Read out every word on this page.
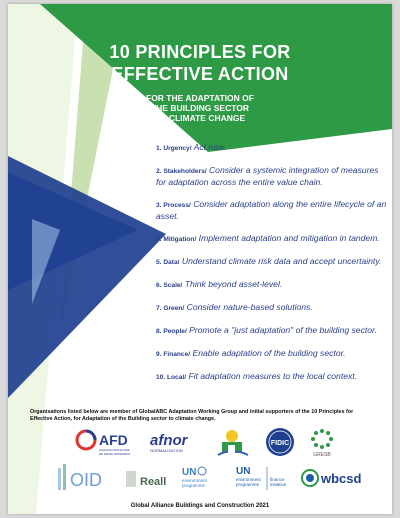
10 PRINCIPLES FOR
EFFECTIVE ACTION
FOR THE ADAPTATION OF
THE BUILDING SECTOR
TO CLIMATE CHANGE
1. Urgency/ Act now.
2. Stakeholders/ Consider a systemic integration of measures for adaptation across the entire value chain.
3. Process/ Consider adaptation along the entire lifecycle of an asset.
4. Mitigation/ Implement adaptation and mitigation in tandem.
5. Data/ Understand climate risk data and accept uncertainty.
6. Scale/ Think beyond asset-level.
7. Green/ Consider nature-based solutions.
8. People/ Promote a "just adaptation" of the building sector.
9. Finance/ Enable adaptation of the building sector.
10. Local/ Fit adaptation measures to the local context.
Organisations listed below are member of GlobalABC Adaptation Working Group and initial supporters of the 10 Principles for Effective Action, for Adaptation of the Building sector to climate change.
AFD
AGENCE FRANÇAISE
DE DÉVELOPPEMENT
afnor
NORMALISATION
FIDIC
GRESB
OID	Reall
UN
environment
programme
UN
environment
programme
finance
initiative	wbcsd
Global Alliance Buildings and Construction 2021
